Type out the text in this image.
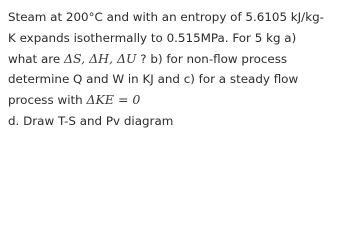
Steam at 200°C and with an entropy of 5.6105 kJ/kg-
K expands isothermally to 0.515MPa. For 5 kg a)
what are ΔS, ΔH, ΔU ? b) for non-flow process
determine Q and W in KJ and c) for a steady flow
process with ΔKE = 0
d. Draw T-S and Pv diagram
